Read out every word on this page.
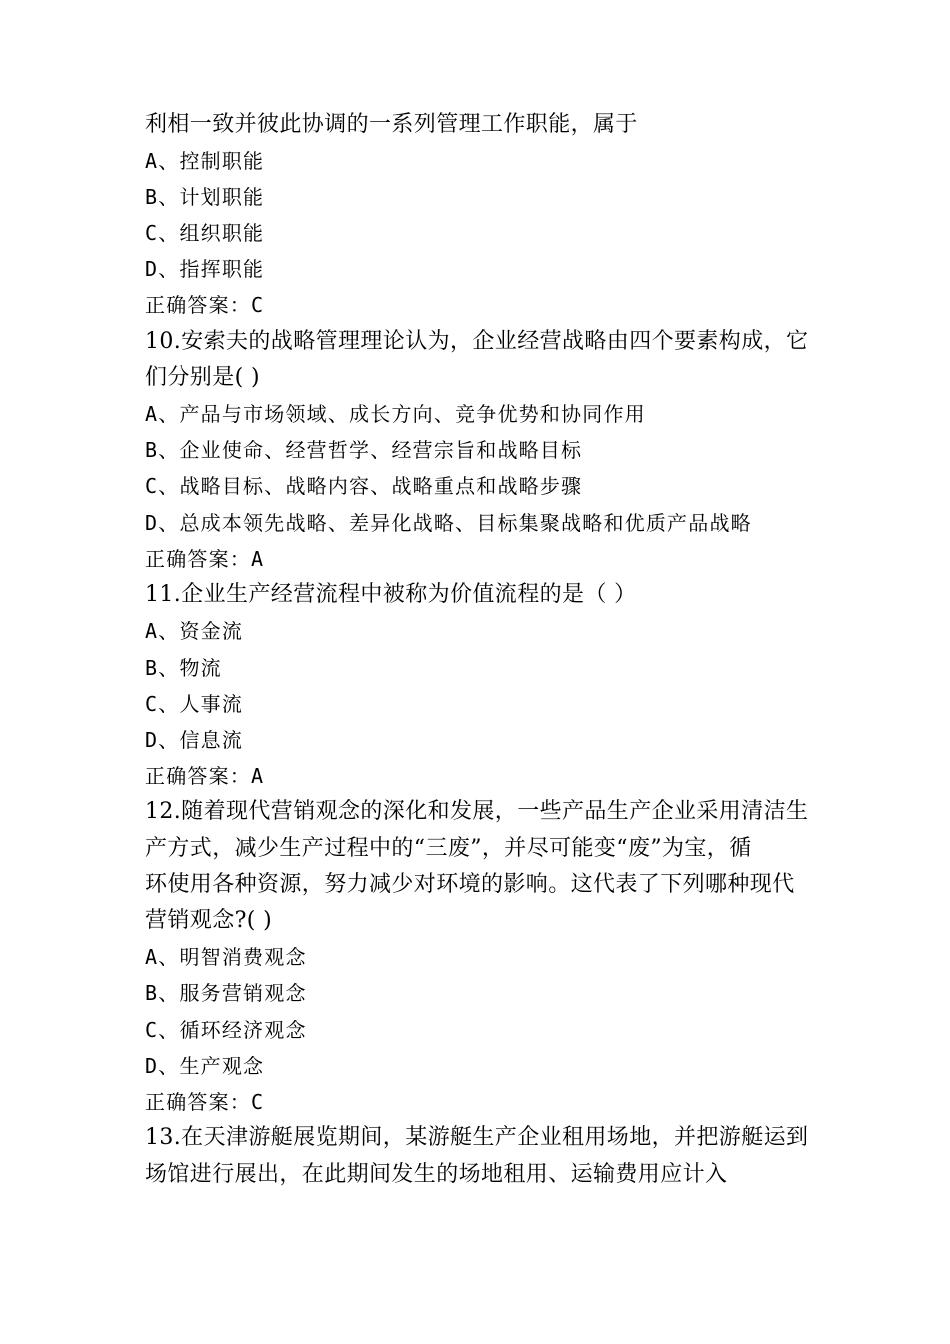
利相一致并彼此协调的一系列管理工作职能，属于
A、控制职能
B、计划职能
C、组织职能
D、指挥职能
正确答案：C
10.安索夫的战略管理理论认为，企业经营战略由四个要素构成，它
们分别是( )
A、产品与市场领域、成长方向、竞争优势和协同作用
B、企业使命、经营哲学、经营宗旨和战略目标
C、战略目标、战略内容、战略重点和战略步骤
D、总成本领先战略、差异化战略、目标集聚战略和优质产品战略
正确答案：A
11.企业生产经营流程中被称为价值流程的是（ ）
A、资金流
B、物流
C、人事流
D、信息流
正确答案：A
12.随着现代营销观念的深化和发展，一些产品生产企业采用清洁生
产方式，减少生产过程中的“三废”，并尽可能变“废”为宝，循
环使用各种资源，努力减少对环境的影响。这代表了下列哪种现代
营销观念?( )
A、明智消费观念
B、服务营销观念
C、循环经济观念
D、生产观念
正确答案：C
13.在天津游艇展览期间，某游艇生产企业租用场地，并把游艇运到
场馆进行展出，在此期间发生的场地租用、运输费用应计入
